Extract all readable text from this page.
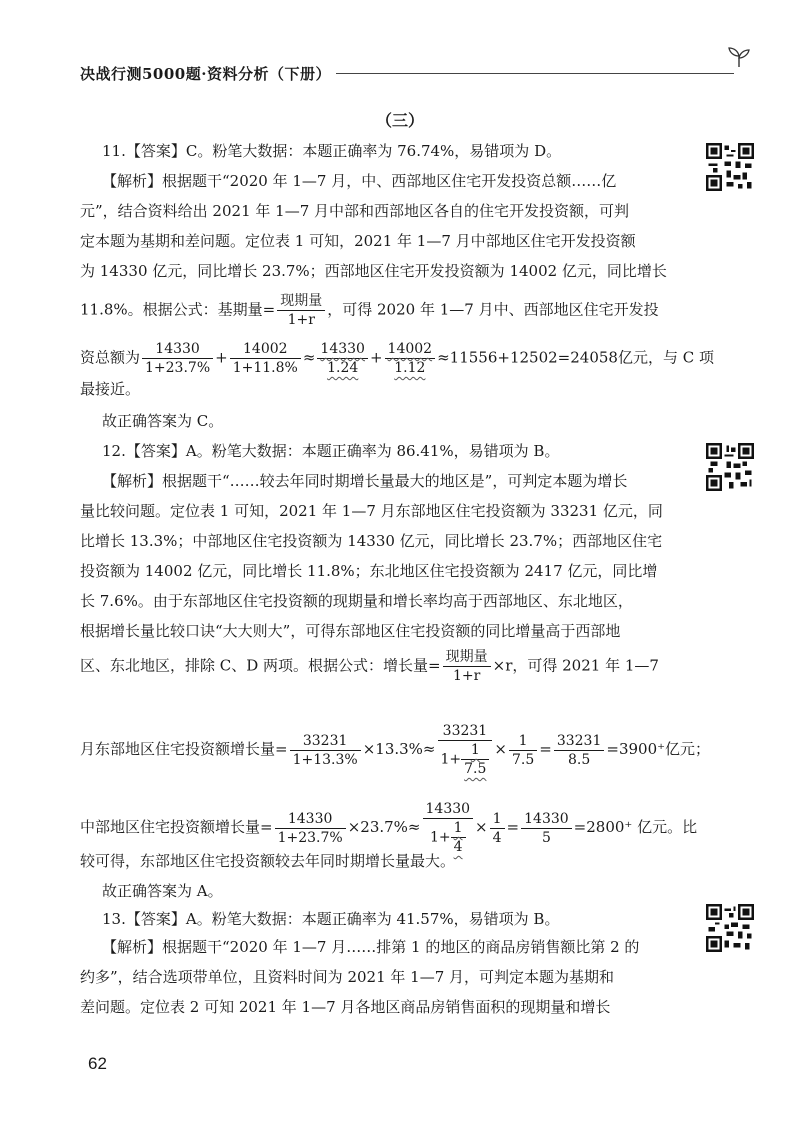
决战行测5000题·资料分析（下册）
（三）
11.【答案】C。粉笔大数据：本题正确率为 76.74%，易错项为 D。
【解析】根据题干“2020 年 1—7 月，中、西部地区住宅开发投资总额……亿
元”，结合资料给出 2021 年 1—7 月中部和西部地区各自的住宅开发投资额，可判
定本题为基期和差问题。定位表 1 可知，2021 年 1—7 月中部地区住宅开发投资额
为 14330 亿元，同比增长 23.7%；西部地区住宅开发投资额为 14002 亿元，同比增长
11.8%。根据公式：基期量= $\frac{\text{现期量}}{1+r}$ ，可得 2020 年 1—7 月中、西部地区住宅开发投
资总额为 $\frac{14330}{1+23.7\%} + \frac{14002}{1+11.8\%} \approx \frac{14330}{1.24} + \frac{14002}{1.12} \approx 11556+12502=24058$亿元，与 C 项
最接近。
故正确答案为 C。
12.【答案】A。粉笔大数据：本题正确率为 86.41%，易错项为 B。
【解析】根据题干“……较去年同时期增长量最大的地区是”，可判定本题为增长
量比较问题。定位表 1 可知，2021 年 1—7 月东部地区住宅投资额为 33231 亿元，同
比增长 13.3%；中部地区住宅投资额为 14330 亿元，同比增长 23.7%；西部地区住宅
投资额为 14002 亿元，同比增长 11.8%；东北地区住宅投资额为 2417 亿元，同比增
长 7.6%。由于东部地区住宅投资额的现期量和增长率均高于西部地区、东北地区，
根据增长量比较口诀“大大则大”，可得东部地区住宅投资额的同比增量高于西部地
区、东北地区，排除 C、D 两项。根据公式：增长量= $\frac{\text{现期量}}{1+r} \times r$，可得 2021 年 1—7
月东部地区住宅投资额增长量= $\frac{33231}{1+13.3\%} \times 13.3\%\approx \frac{33231}{1+ \frac{1}{7.5}} \times \frac{1}{7.5} = \frac{33231}{8.5} =3900^+$亿元；
中部地区住宅投资额增长量= $\frac{14330}{1+23.7\%} \times 23.7\%\approx \frac{14330}{1+ \frac{1}{4}} \times \frac{1}{4} = \frac{14330}{5} =2800^+$ 亿元。比
较可得，东部地区住宅投资额较去年同时期增长量最大。
故正确答案为 A。
13.【答案】A。粉笔大数据：本题正确率为 41.57%，易错项为 B。
【解析】根据题干“2020 年 1—7 月……排第 1 的地区的商品房销售额比第 2 的
约多”，结合选项带单位，且资料时间为 2021 年 1—7 月，可判定本题为基期和
差问题。定位表 2 可知 2021 年 1—7 月各地区商品房销售面积的现期量和增长
62
